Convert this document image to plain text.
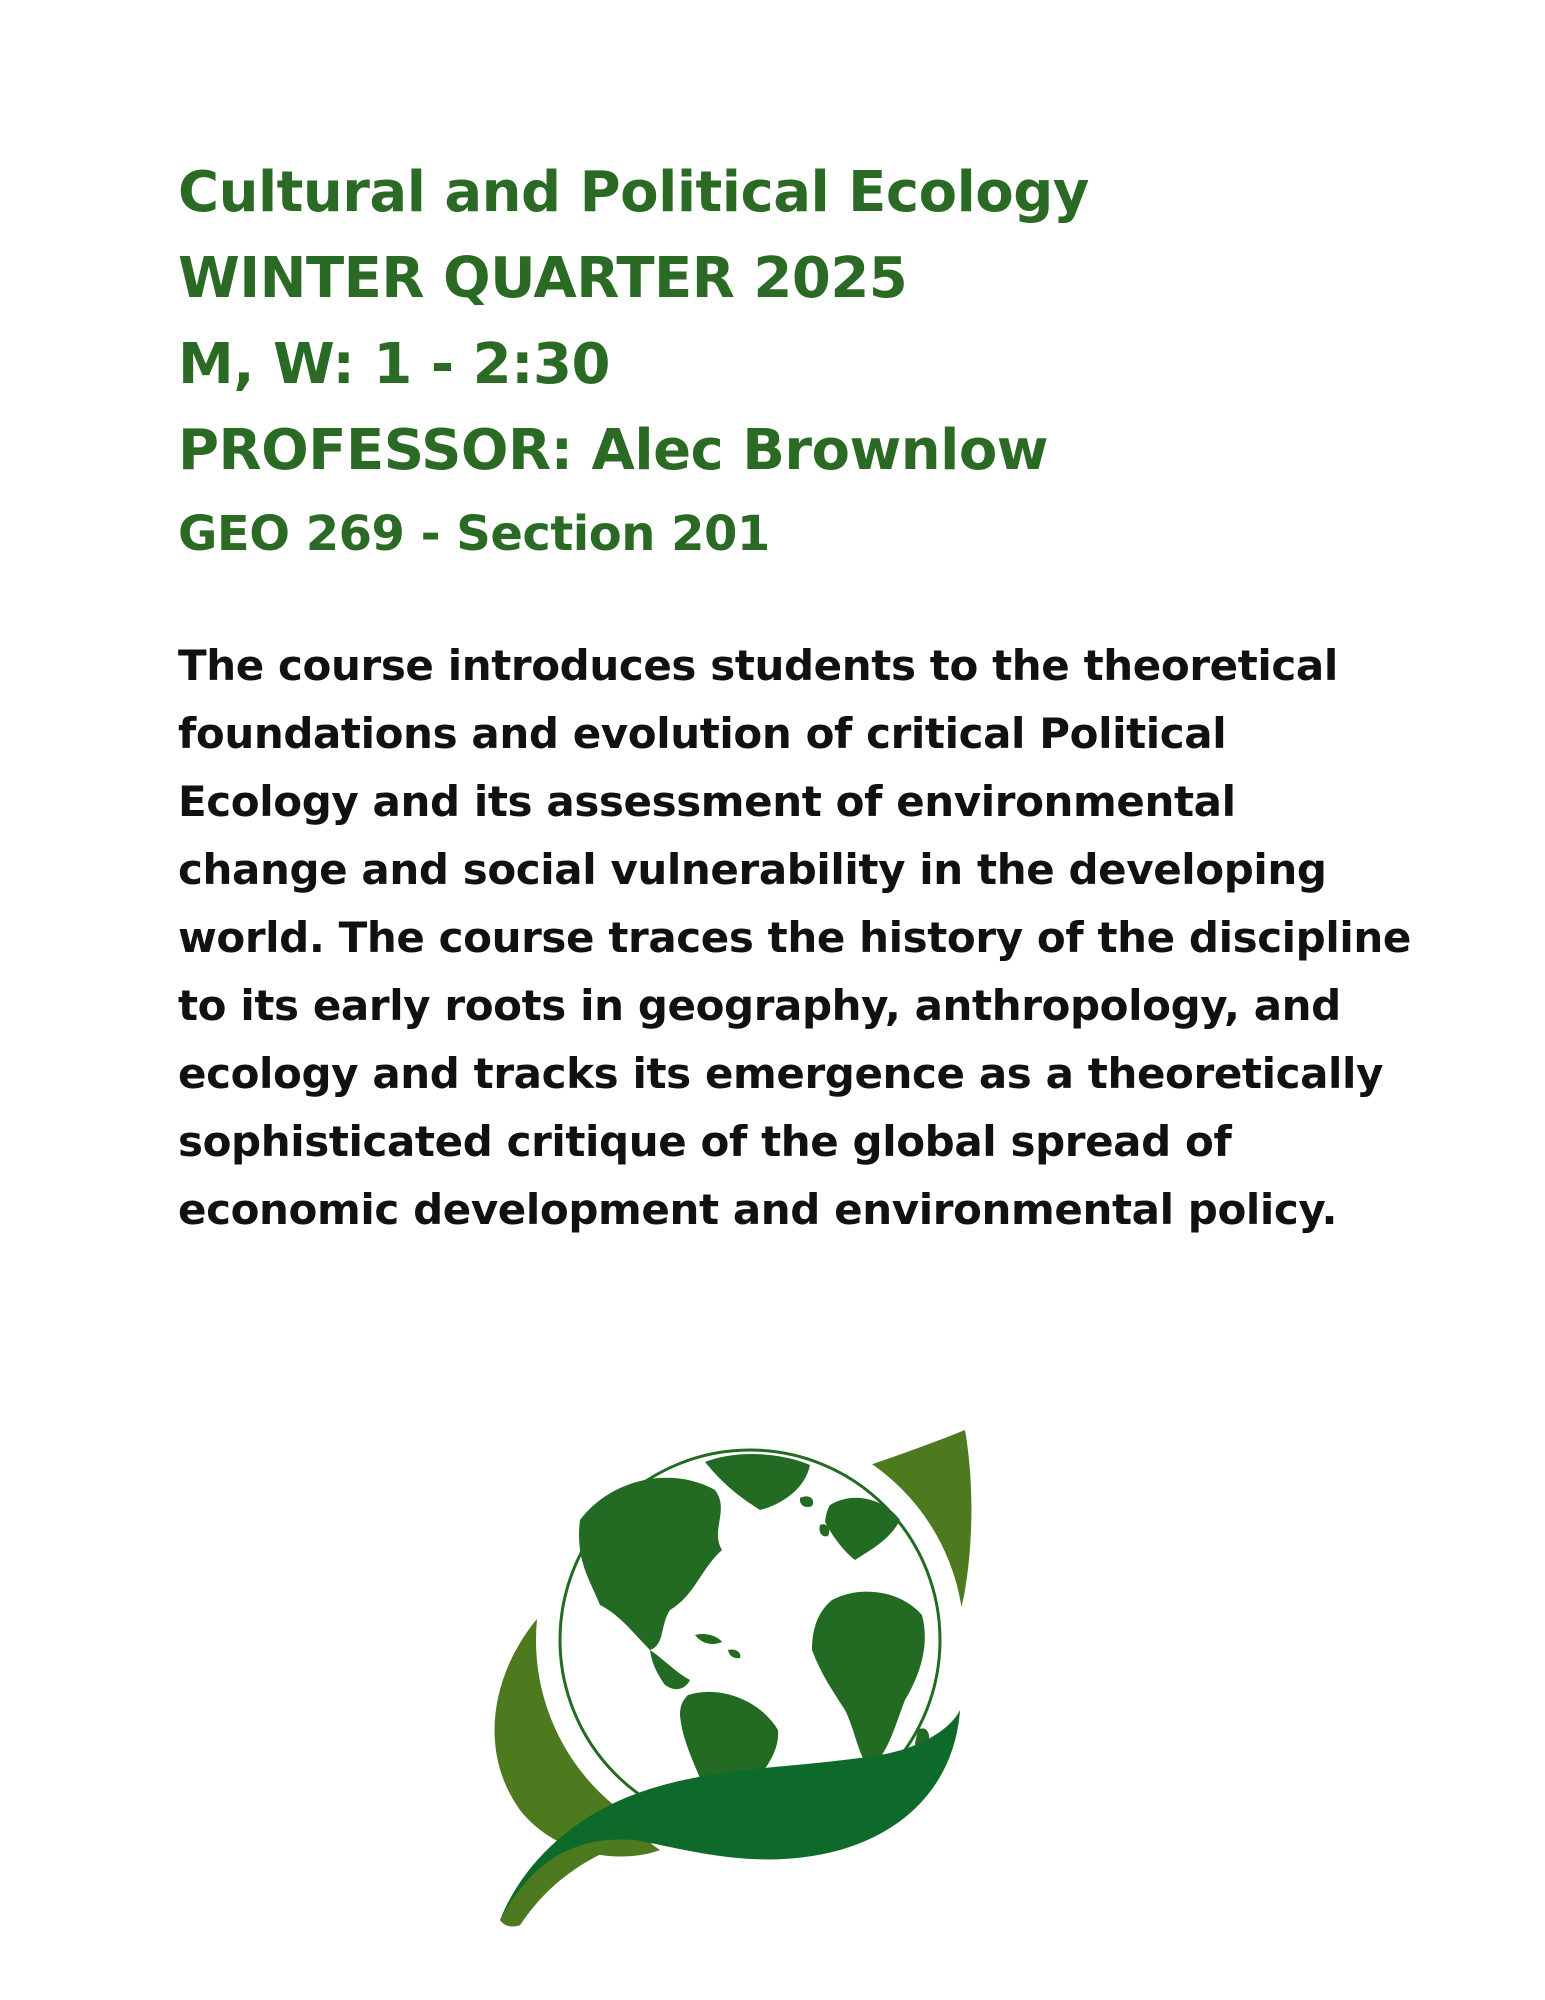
Cultural and Political Ecology
WINTER QUARTER 2025
M, W: 1 - 2:30
PROFESSOR: Alec Brownlow
GEO 269 - Section 201

The course introduces students to the theoretical foundations and evolution of critical Political Ecology and its assessment of environmental change and social vulnerability in the developing world. The course traces the history of the discipline to its early roots in geography, anthropology, and ecology and tracks its emergence as a theoretically sophisticated critique of the global spread of economic development and environmental policy.
